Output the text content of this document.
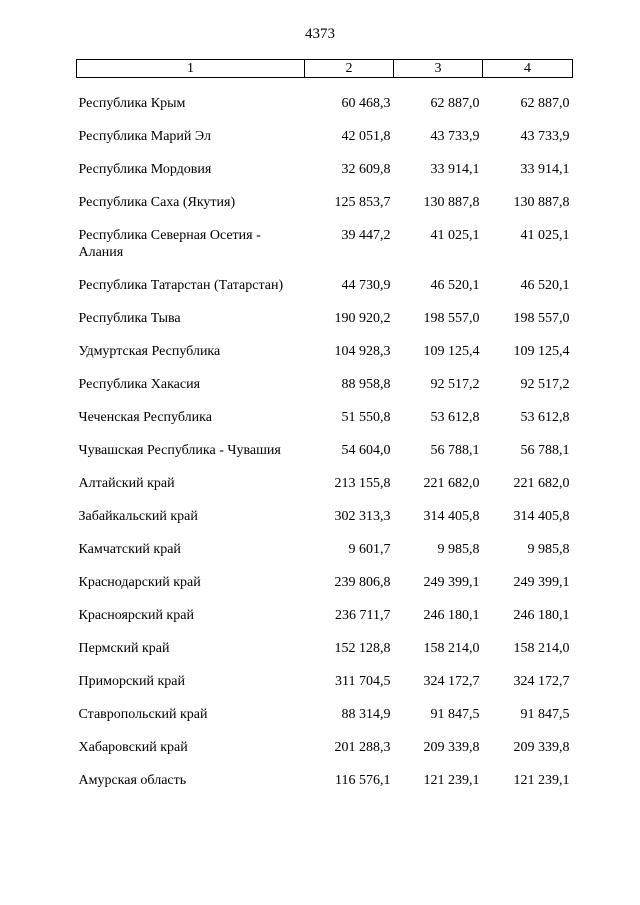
4373
1	2	3	4

Республика Крым	60 468,3	62 887,0	62 887,0

Республика Марий Эл	42 051,8	43 733,9	43 733,9

Республика Мордовия	32 609,8	33 914,1	33 914,1

Республика Саха (Якутия)	125 853,7	130 887,8	130 887,8

Республика Северная Осетия - Алания	39 447,2	41 025,1	41 025,1

Республика Татарстан (Татарстан)	44 730,9	46 520,1	46 520,1

Республика Тыва	190 920,2	198 557,0	198 557,0

Удмуртская Республика	104 928,3	109 125,4	109 125,4

Республика Хакасия	88 958,8	92 517,2	92 517,2

Чеченская Республика	51 550,8	53 612,8	53 612,8

Чувашская Республика - Чувашия	54 604,0	56 788,1	56 788,1

Алтайский край	213 155,8	221 682,0	221 682,0

Забайкальский край	302 313,3	314 405,8	314 405,8

Камчатский край	9 601,7	9 985,8	9 985,8

Краснодарский край	239 806,8	249 399,1	249 399,1

Красноярский край	236 711,7	246 180,1	246 180,1

Пермский край	152 128,8	158 214,0	158 214,0

Приморский край	311 704,5	324 172,7	324 172,7

Ставропольский край	88 314,9	91 847,5	91 847,5

Хабаровский край	201 288,3	209 339,8	209 339,8

Амурская область	116 576,1	121 239,1	121 239,1
